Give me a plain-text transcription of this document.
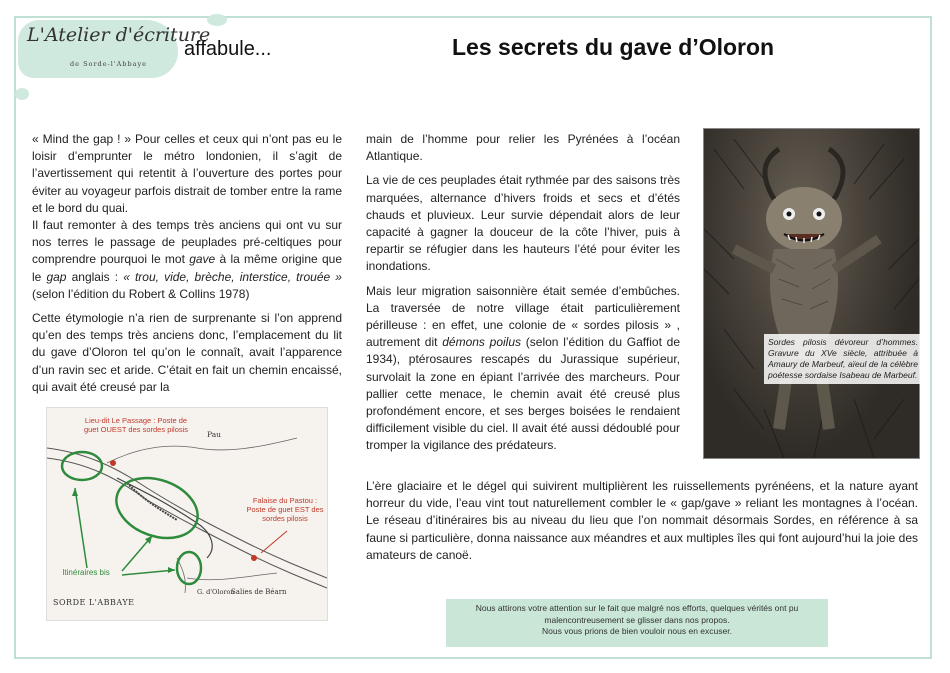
L'Atelier d'écriture
de Sorde-l'Abbaye
affabule...	Les secrets du gave d’Oloron

« Mind the gap ! » Pour celles et ceux qui n’ont pas eu le loisir d’emprunter le métro londonien, il s’agit de l’avertissement qui retentit à l’ouverture des portes pour éviter au voyageur parfois distrait de tomber entre la rame et le bord du quai.

Il faut remonter à des temps très anciens qui ont vu sur nos terres le passage de peuplades pré-celtiques pour comprendre pourquoi le mot gave à la même origine que le gap anglais : « trou, vide, brèche, interstice, trouée » (selon l’édition du Robert & Collins 1978)

Cette étymologie n’a rien de surprenante si l’on apprend qu’en des temps très anciens donc, l’emplacement du lit du gave d’Oloron tel qu’on le connaît, avait l’apparence d’un ravin sec et aride. C’était en fait un chemin encaissé, qui avait été creusé par la

Lieu-dit Le Passage : Poste de guet OUEST des sordes pilosis
Falaise du Pastou : Poste de guet EST des sordes pilosis
Itinéraires bis
SORDE L'ABBAYE
Salies de Béarn
Pau
G. d'Oloron

main de l’homme pour relier les Pyrénées à l’océan Atlantique.

La vie de ces peuplades était rythmée par des saisons très marquées, alternance d’hivers froids et secs et d’étés chauds et pluvieux. Leur survie dépendait alors de leur capacité à gagner la douceur de la côte l’hiver, puis à repartir se réfugier dans les hauteurs l’été pour éviter les inondations.

Mais leur migration saisonnière était semée d’embûches. La traversée de notre village était particulièrement périlleuse : en effet, une colonie de « sordes pilosis » , autrement dit démons poilus (selon l’édition du Gaffiot de 1934), ptérosaures rescapés du Jurassique supérieur, survolait la zone en épiant l’arrivée des marcheurs. Pour pallier cette menace, le chemin avait été creusé plus profondément encore, et ses berges boisées le rendaient difficilement visible du ciel. Il avait été aussi dédoublé pour tromper la vigilance des prédateurs.

Sordes pilosis dévoreur d’hommes. Gravure du XVe siècle, attribuée à Amaury de Marbeuf, aïeul de la célèbre poétesse sordaise Isabeau de Marbeuf.

L’ère glaciaire et le dégel qui suivirent multiplièrent les ruissellements pyrénéens, et la nature ayant horreur du vide, l’eau vint tout naturellement combler le « gap/gave » reliant les montagnes à l’océan. Le réseau d’itinéraires bis au niveau du lieu que l’on nommait désormais Sordes, en référence à sa faune si particulière, donna naissance aux méandres et aux multiples îles qui font aujourd’hui la joie des amateurs de canoë.

Nous attirons votre attention sur le fait que malgré nos efforts, quelques vérités ont pu
malencontreusement se glisser dans nos propos.
Nous vous prions de bien vouloir nous en excuser.
